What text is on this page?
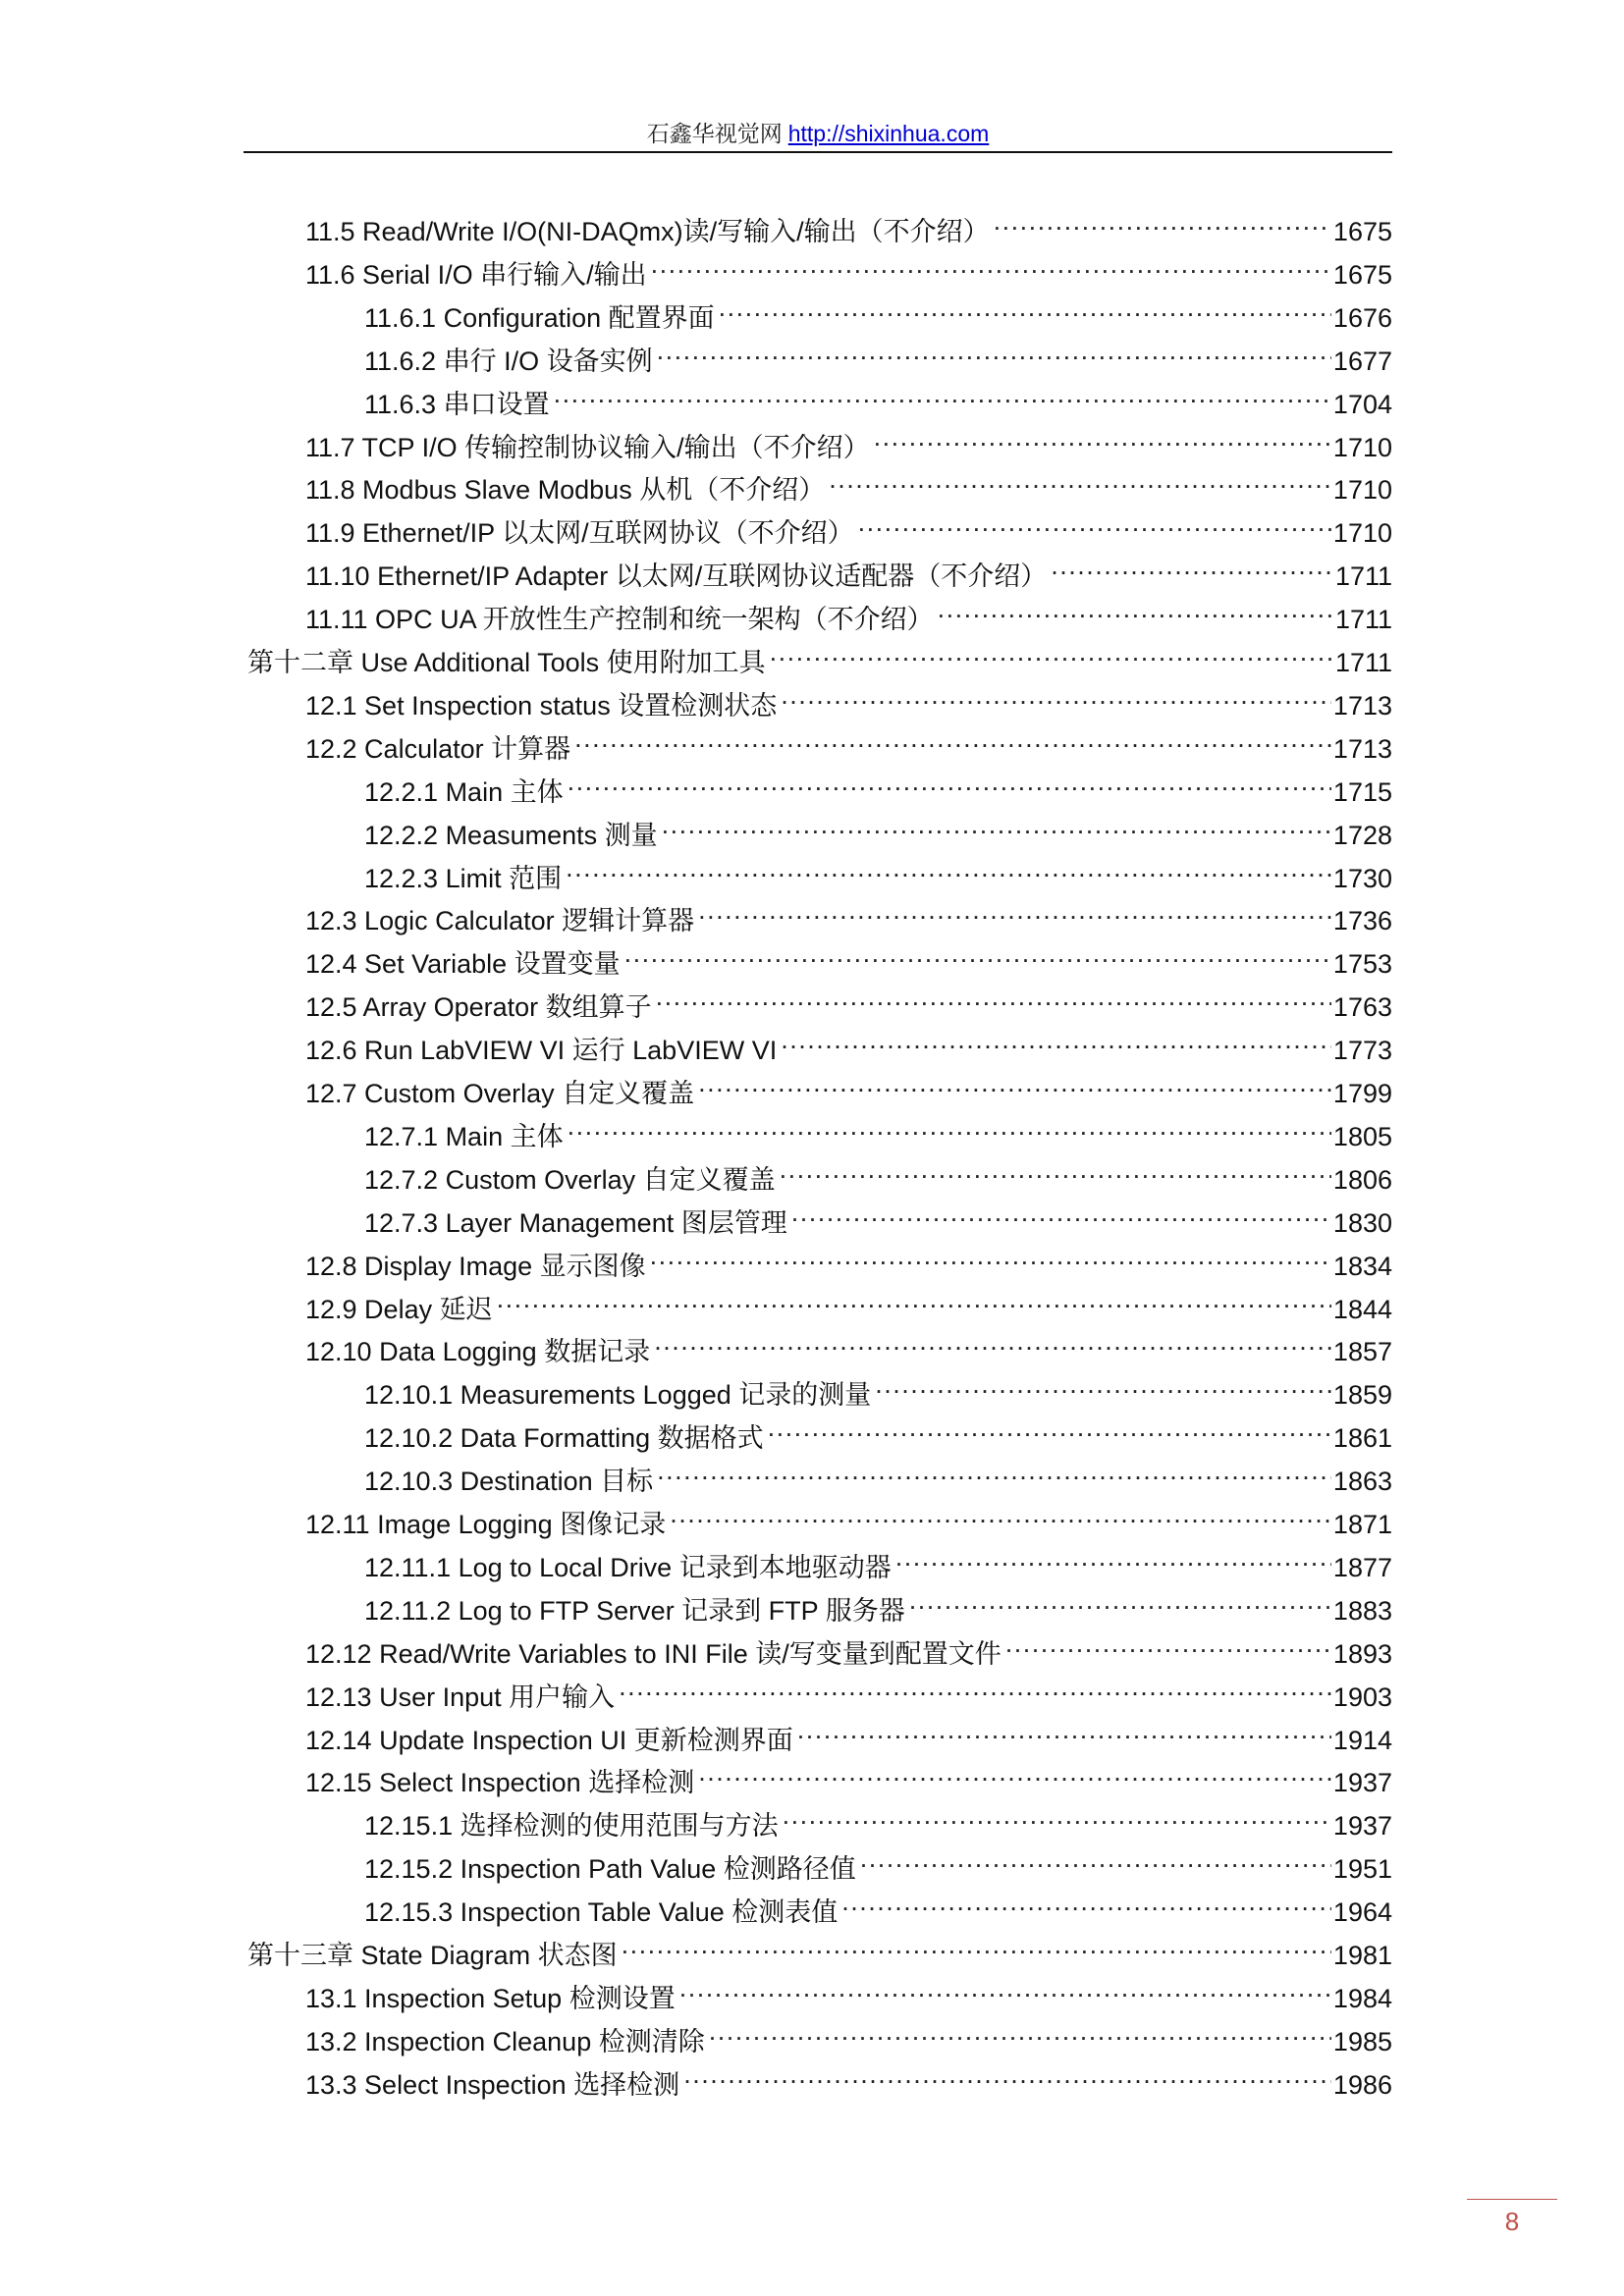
石鑫华视觉网 http://shixinhua.com
11.5 Read/Write I/O(NI-DAQmx)读/写输入/输出（不介绍） .....	1675
11.6 Serial I/O 串行输入/输出 .....	1675
11.6.1 Configuration 配置界面 .....	1676
11.6.2 串行 I/O 设备实例 .....	1677
11.6.3 串口设置 .....	1704
11.7 TCP I/O 传输控制协议输入/输出（不介绍） .....	1710
11.8 Modbus Slave Modbus 从机（不介绍） .....	1710
11.9 Ethernet/IP 以太网/互联网协议（不介绍） .....	1710
11.10 Ethernet/IP Adapter 以太网/互联网协议适配器（不介绍） .....	1711
11.11 OPC UA 开放性生产控制和统一架构（不介绍） .....	1711
第十二章 Use Additional Tools 使用附加工具 .....	1711
12.1 Set Inspection status 设置检测状态 .....	1713
12.2 Calculator 计算器 .....	1713
12.2.1 Main 主体 .....	1715
12.2.2 Measuments 测量 .....	1728
12.2.3 Limit 范围 .....	1730
12.3 Logic Calculator 逻辑计算器 .....	1736
12.4 Set Variable 设置变量 .....	1753
12.5 Array Operator 数组算子 .....	1763
12.6 Run LabVIEW VI 运行 LabVIEW VI .....	1773
12.7 Custom Overlay 自定义覆盖 .....	1799
12.7.1 Main 主体 .....	1805
12.7.2 Custom Overlay 自定义覆盖 .....	1806
12.7.3 Layer Management 图层管理 .....	1830
12.8 Display Image 显示图像 .....	1834
12.9 Delay 延迟 .....	1844
12.10 Data Logging 数据记录 .....	1857
12.10.1 Measurements Logged 记录的测量 .....	1859
12.10.2 Data Formatting 数据格式 .....	1861
12.10.3 Destination 目标 .....	1863
12.11 Image Logging 图像记录 .....	1871
12.11.1 Log to Local Drive 记录到本地驱动器 .....	1877
12.11.2 Log to FTP Server 记录到 FTP 服务器 .....	1883
12.12 Read/Write Variables to INI File 读/写变量到配置文件 .....	1893
12.13 User Input 用户输入 .....	1903
12.14 Update Inspection UI 更新检测界面 .....	1914
12.15 Select Inspection 选择检测 .....	1937
12.15.1 选择检测的使用范围与方法 .....	1937
12.15.2 Inspection Path Value 检测路径值 .....	1951
12.15.3 Inspection Table Value 检测表值 .....	1964
第十三章 State Diagram 状态图 .....	1981
13.1 Inspection Setup 检测设置 .....	1984
13.2 Inspection Cleanup 检测清除 .....	1985
13.3 Select Inspection 选择检测 .....	1986
8
